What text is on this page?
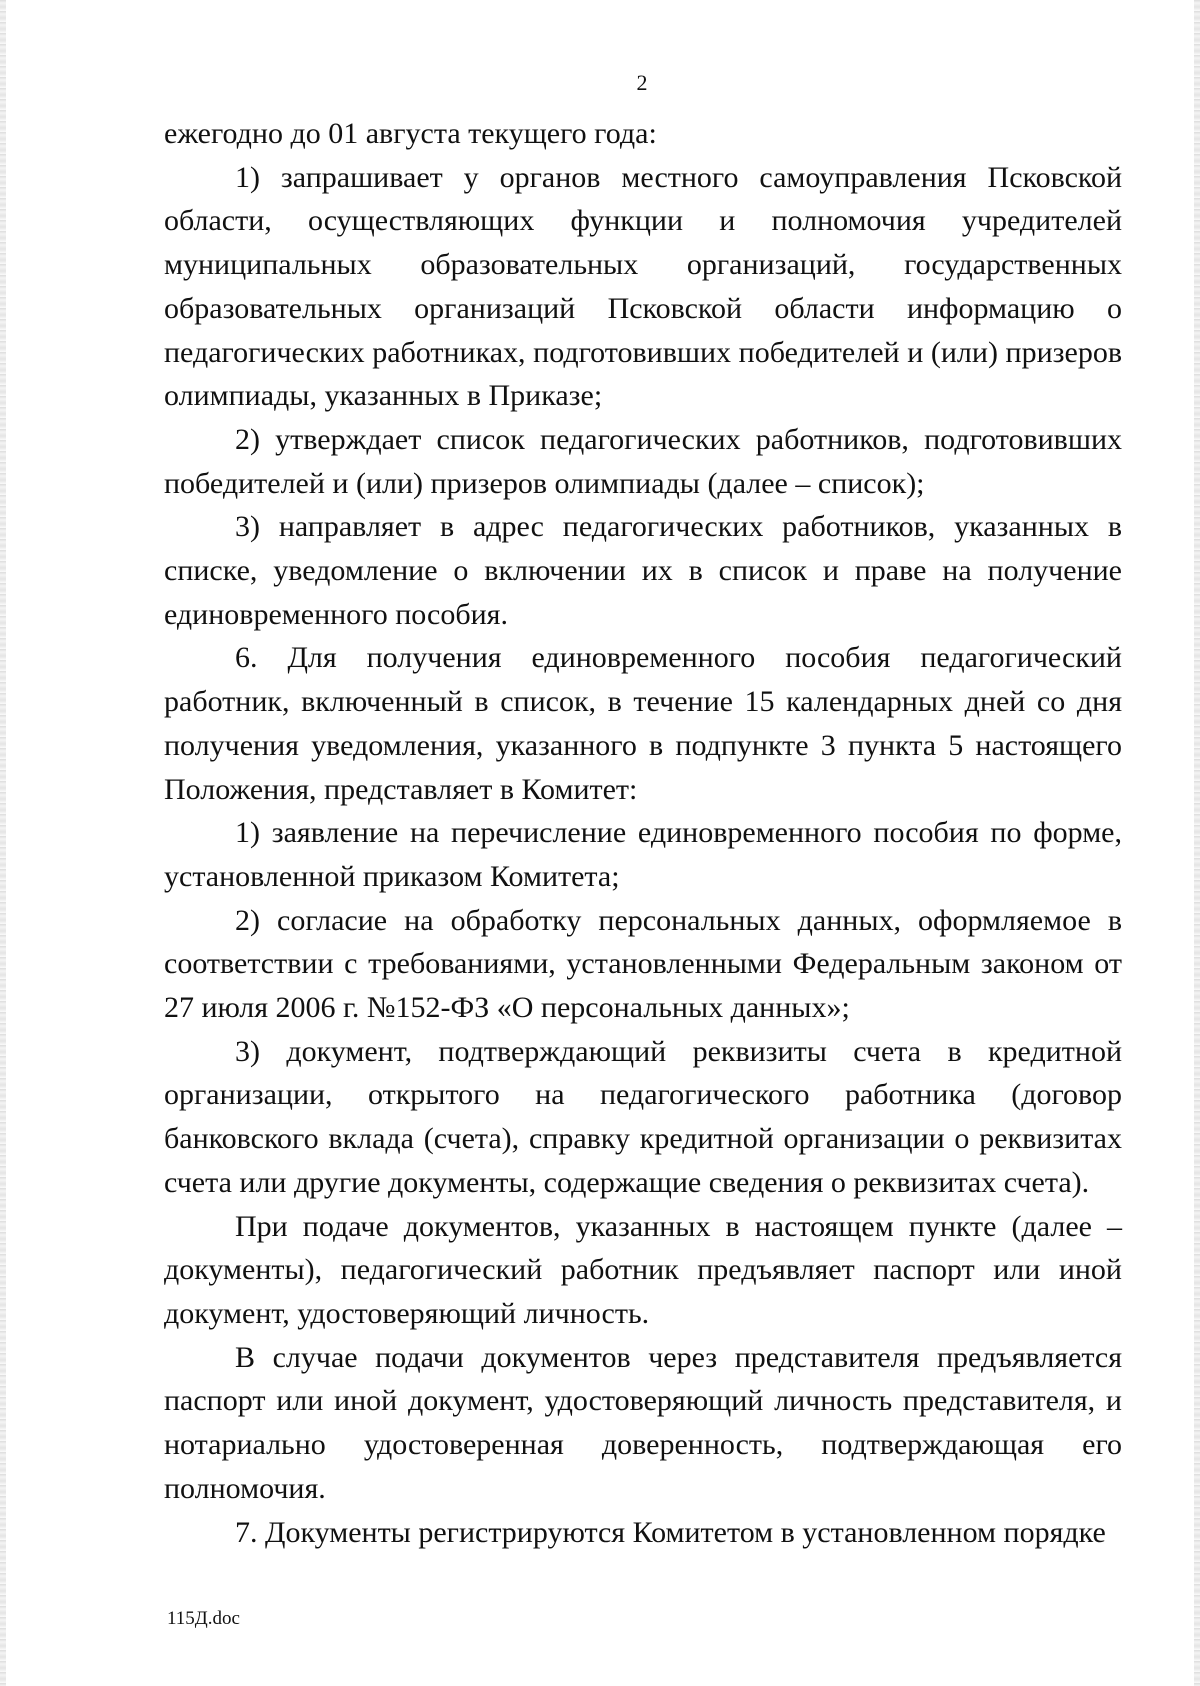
2

ежегодно до 01 августа текущего года:

1) запрашивает у органов местного самоуправления Псковской области, осуществляющих функции и полномочия учредителей муниципальных образовательных организаций, государственных образовательных организаций Псковской области информацию о педагогических работниках, подготовивших победителей и (или) призеров олимпиады, указанных в Приказе;

2) утверждает список педагогических работников, подготовивших победителей и (или) призеров олимпиады (далее – список);

3) направляет в адрес педагогических работников, указанных в списке, уведомление о включении их в список и праве на получение единовременного пособия.

6. Для получения единовременного пособия педагогический работник, включенный в список, в течение 15 календарных дней со дня получения уведомления, указанного в подпункте 3 пункта 5 настоящего Положения, представляет в Комитет:

1) заявление на перечисление единовременного пособия по форме, установленной приказом Комитета;

2) согласие на обработку персональных данных, оформляемое в соответствии с требованиями, установленными Федеральным законом от 27 июля 2006 г. №152-ФЗ «О персональных данных»;

3) документ, подтверждающий реквизиты счета в кредитной организации, открытого на педагогического работника (договор банковского вклада (счета), справку кредитной организации о реквизитах счета или другие документы, содержащие сведения о реквизитах счета).

При подаче документов, указанных в настоящем пункте (далее – документы), педагогический работник предъявляет паспорт или иной документ, удостоверяющий личность.

В случае подачи документов через представителя предъявляется паспорт или иной документ, удостоверяющий личность представителя, и нотариально удостоверенная доверенность, подтверждающая его полномочия.

7. Документы регистрируются Комитетом в установленном порядке

115Д.doc
